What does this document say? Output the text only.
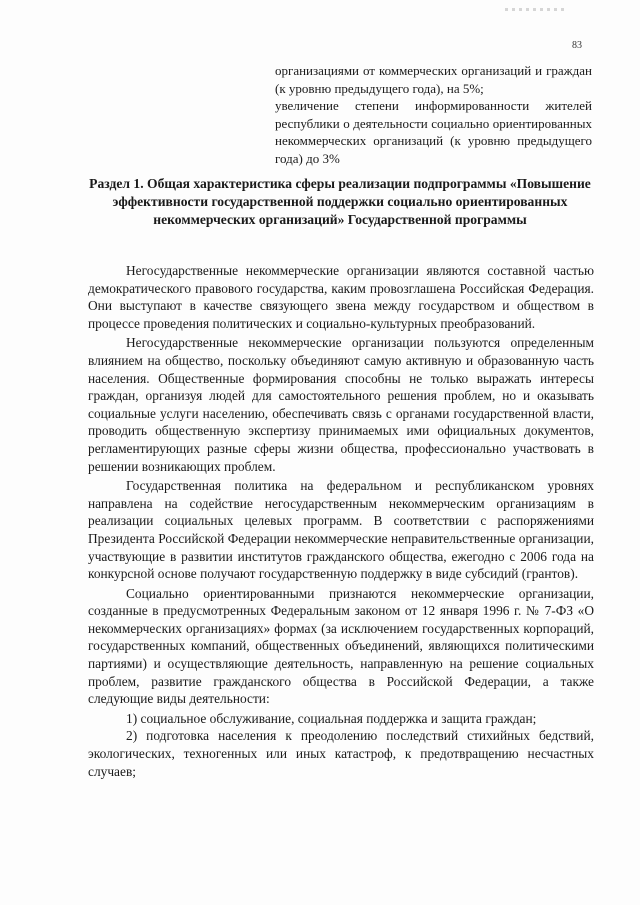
83

организациями от коммерческих организаций и граждан (к уровню предыдущего года), на 5%;

увеличение степени информированности жителей республики о деятельности социально ориентированных некоммерческих организаций (к уровню предыдущего года) до 3%

Раздел 1. Общая характеристика сферы реализации подпрограммы «Повышение эффективности государственной поддержки социально ориентированных некоммерческих организаций» Государственной программы

Негосударственные некоммерческие организации являются составной частью демократического правового государства, каким провозглашена Российская Федерация. Они выступают в качестве связующего звена между государством и обществом в процессе проведения политических и социально-культурных преобразований.

Негосударственные некоммерческие организации пользуются определенным влиянием на общество, поскольку объединяют самую активную и образованную часть населения. Общественные формирования способны не только выражать интересы граждан, организуя людей для самостоятельного решения проблем, но и оказывать социальные услуги населению, обеспечивать связь с органами государственной власти, проводить общественную экспертизу принимаемых ими официальных документов, регламентирующих разные сферы жизни общества, профессионально участвовать в решении возникающих проблем.

Государственная политика на федеральном и республиканском уровнях направлена на содействие негосударственным некоммерческим организациям в реализации социальных целевых программ. В соответствии с распоряжениями Президента Российской Федерации некоммерческие неправительственные организации, участвующие в развитии институтов гражданского общества, ежегодно с 2006 года на конкурсной основе получают государственную поддержку в виде субсидий (грантов).

Социально ориентированными признаются некоммерческие организации, созданные в предусмотренных Федеральным законом от 12 января 1996 г. № 7-ФЗ «О некоммерческих организациях» формах (за исключением государственных корпораций, государственных компаний, общественных объединений, являющихся политическими партиями) и осуществляющие деятельность, направленную на решение социальных проблем, развитие гражданского общества в Российской Федерации, а также следующие виды деятельности:

1) социальное обслуживание, социальная поддержка и защита граждан;
2) подготовка населения к преодолению последствий стихийных бедствий, экологических, техногенных или иных катастроф, к предотвращению несчастных случаев;
